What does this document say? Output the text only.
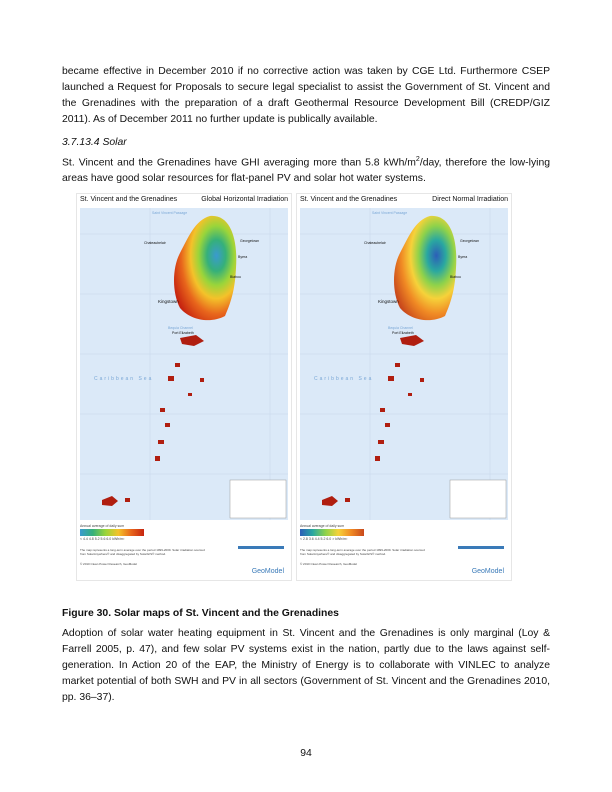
became effective in December 2010 if no corrective action was taken by CGE Ltd. Furthermore CSEP launched a Request for Proposals to secure legal specialist to assist the Government of St. Vincent and the Grenadines with the preparation of a draft Geothermal Resource Development Bill (CREDP/GIZ 2011). As of December 2011 no further update is publically available.
3.7.13.4 Solar
St. Vincent and the Grenadines have GHI averaging more than 5.8 kWh/$m^2$/day, therefore the low-lying areas have good solar resources for flat-panel PV and solar hot water systems.
St. Vincent and the Grenadines	Global Horizontal Irradiation
Saint Vincent Passage
Bequia Channel
Caribbean Sea
Chateaubelair	Georgetown
Byera
Biabou
Kingstown
Port Elizabeth
Annual average of daily sum
< 4.4 4.8 5.2 5.6 6.0 kWh/m²
The map represents a long-term average over the period 1999-2009. Solar irradiation sourced from SolarAnywhere® and disaggregated by SolarGIS® method.
© 2010 Clean Power Research, GeoModel
GeoModel
St. Vincent and the Grenadines	Direct Normal Irradiation
Saint Vincent Passage
Bequia Channel
Caribbean Sea
Chateaubelair	Georgetown
Byera
Biabou
Kingstown
Port Elizabeth
Annual average of daily sum
< 2.8 3.6 4.4 5.2 6.0 > kWh/m²
The map represents a long-term average over the period 1999-2009. Solar irradiation sourced from SolarAnywhere® and disaggregated by SolarGIS® method.
© 2010 Clean Power Research, GeoModel
GeoModel
Figure 30. Solar maps of St. Vincent and the Grenadines
Adoption of solar water heating equipment in St. Vincent and the Grenadines is only marginal (Loy & Farrell 2005, p. 47), and few solar PV systems exist in the nation, partly due to the laws against self-generation. In Action 20 of the EAP, the Ministry of Energy is to collaborate with VINLEC to analyze market potential of both SWH and PV in all sectors (Government of St. Vincent and the Grenadines 2010, pp. 36–37).
94
